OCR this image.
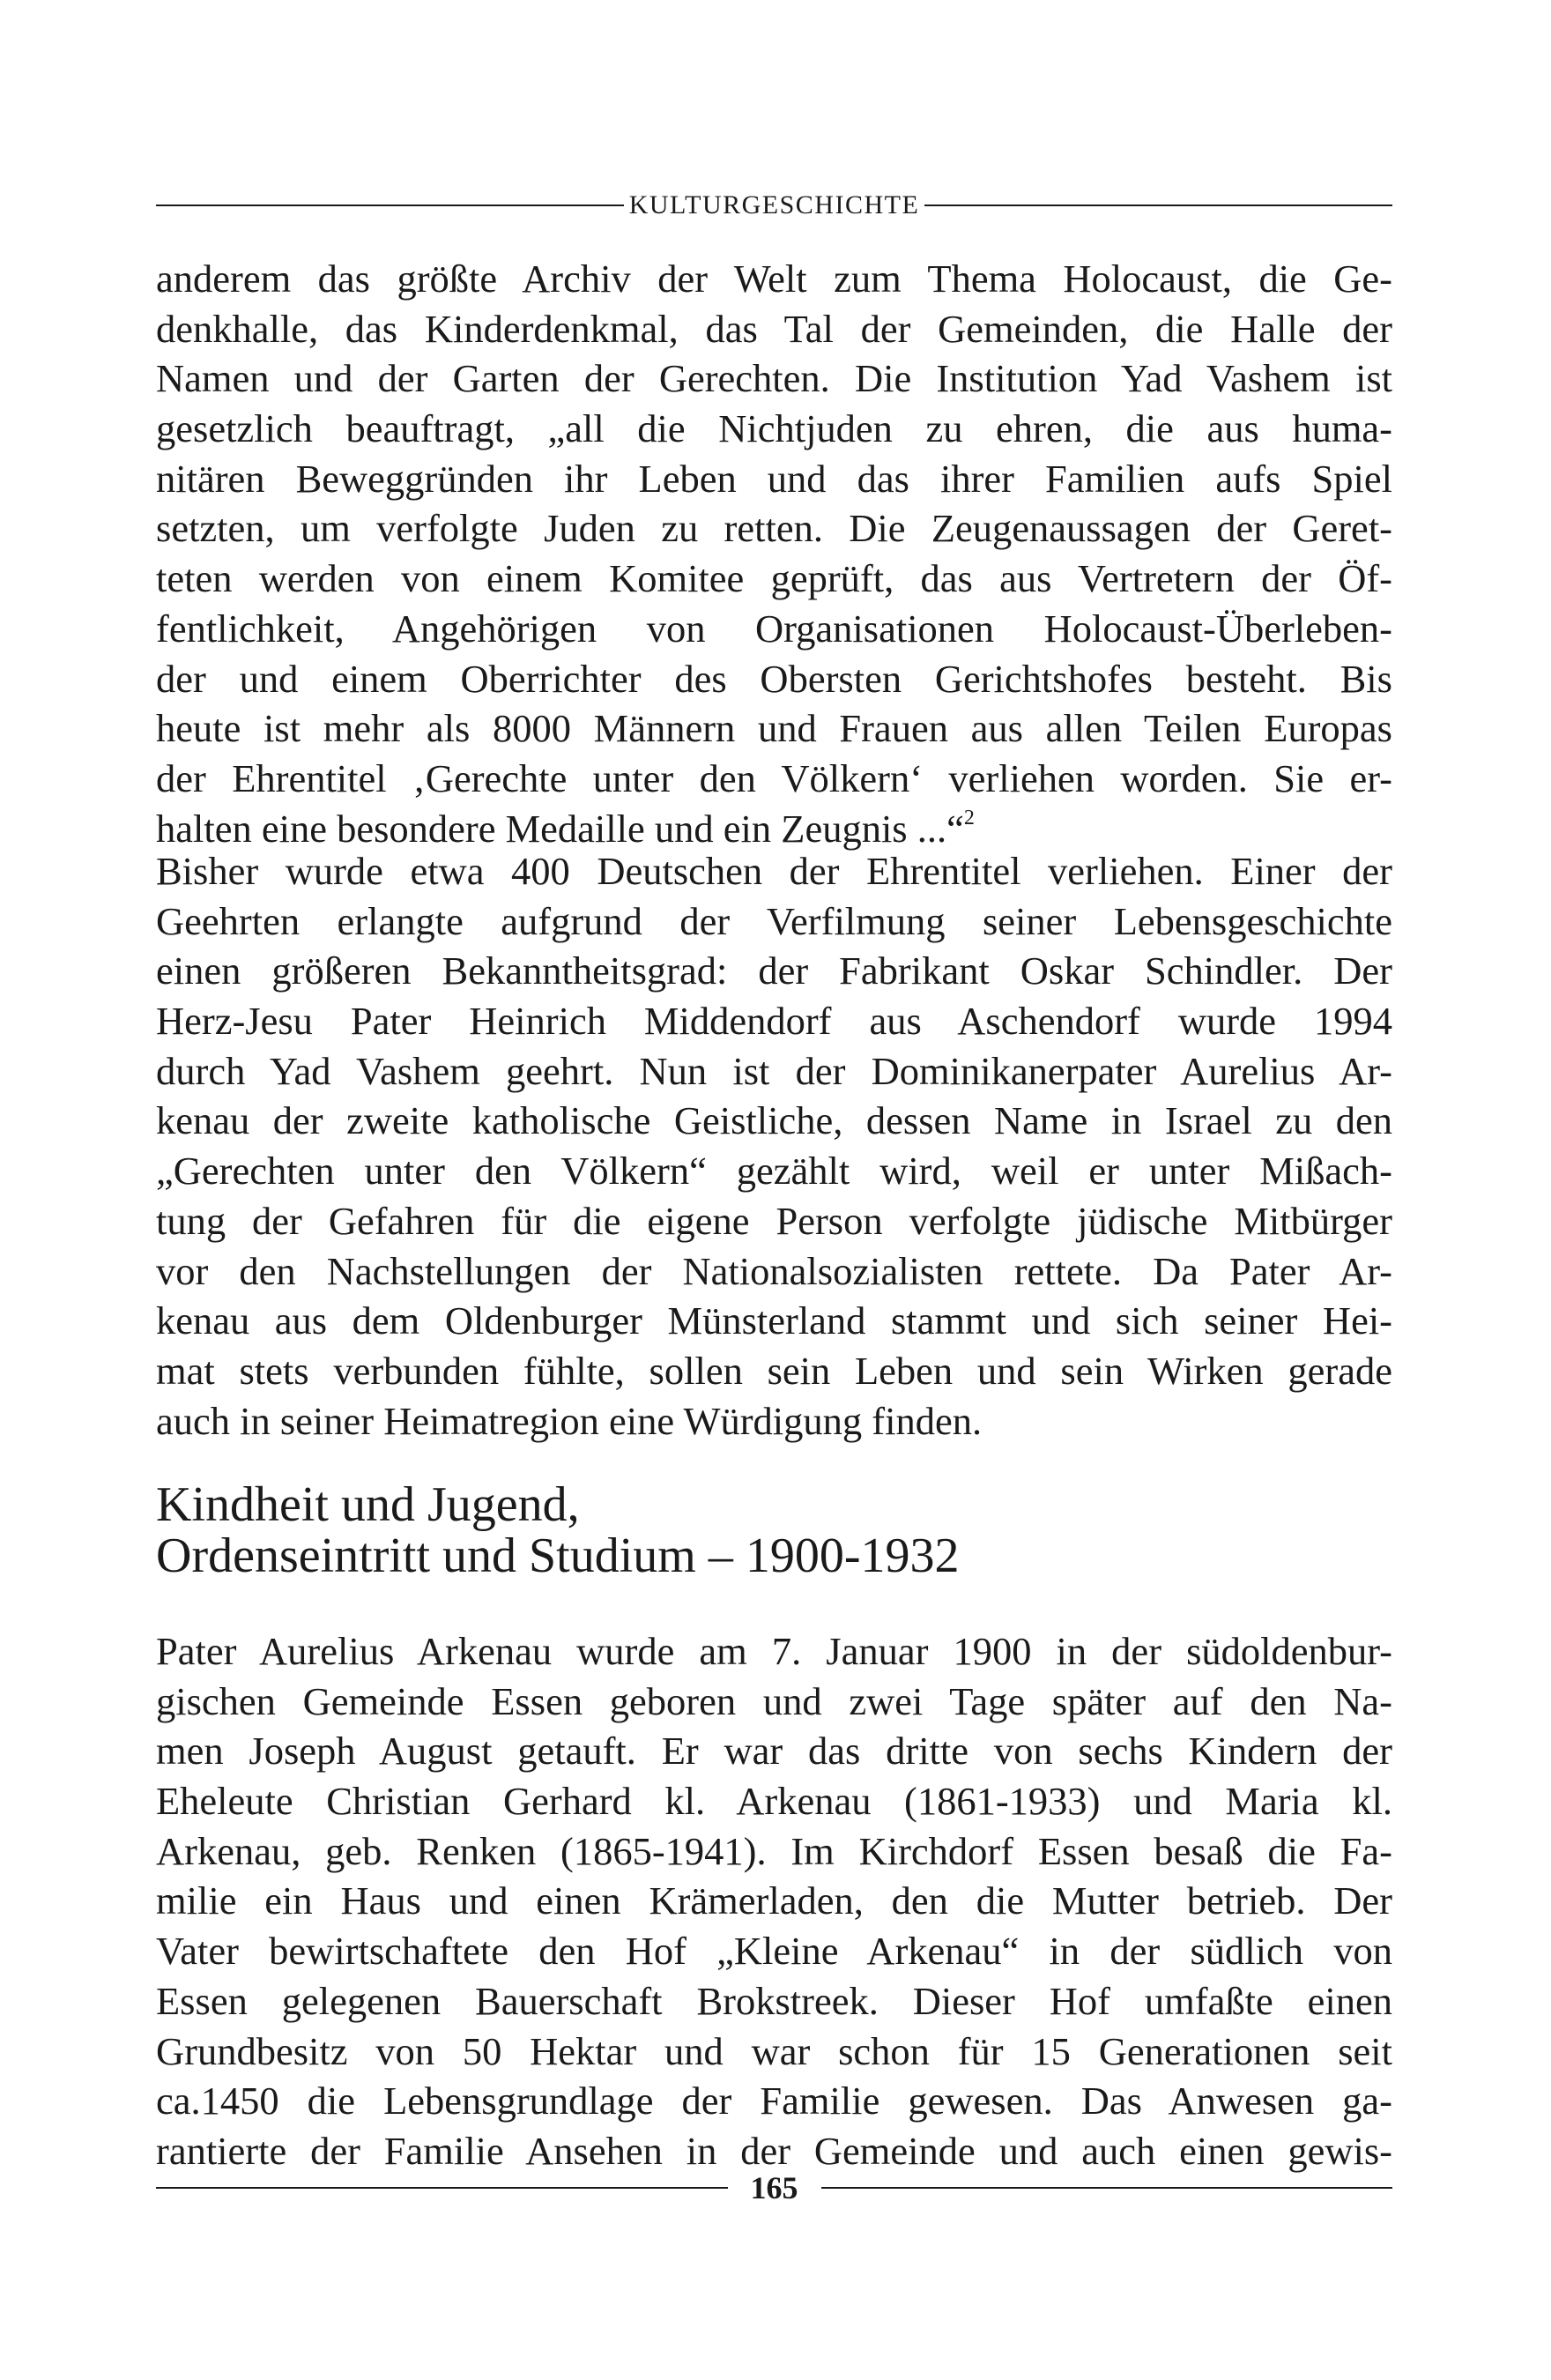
KULTURGESCHICHTE
anderem das größte Archiv der Welt zum Thema Holocaust, die Ge-
denkhalle, das Kinderdenkmal, das Tal der Gemeinden, die Halle der
Namen und der Garten der Gerechten. Die Institution Yad Vashem ist
gesetzlich beauftragt, „all die Nichtjuden zu ehren, die aus huma-
nitären Beweggründen ihr Leben und das ihrer Familien aufs Spiel
setzten, um verfolgte Juden zu retten. Die Zeugenaussagen der Geret-
teten werden von einem Komitee geprüft, das aus Vertretern der Öf-
fentlichkeit, Angehörigen von Organisationen Holocaust-Überleben-
der und einem Oberrichter des Obersten Gerichtshofes besteht. Bis
heute ist mehr als 8000 Männern und Frauen aus allen Teilen Europas
der Ehrentitel ‚Gerechte unter den Völkern‘ verliehen worden. Sie er-
halten eine besondere Medaille und ein Zeugnis ...“$^2$
Bisher wurde etwa 400 Deutschen der Ehrentitel verliehen. Einer der
Geehrten erlangte aufgrund der Verfilmung seiner Lebensgeschichte
einen größeren Bekanntheitsgrad: der Fabrikant Oskar Schindler. Der
Herz-Jesu Pater Heinrich Middendorf aus Aschendorf wurde 1994
durch Yad Vashem geehrt. Nun ist der Dominikanerpater Aurelius Ar-
kenau der zweite katholische Geistliche, dessen Name in Israel zu den
„Gerechten unter den Völkern“ gezählt wird, weil er unter Mißach-
tung der Gefahren für die eigene Person verfolgte jüdische Mitbürger
vor den Nachstellungen der Nationalsozialisten rettete. Da Pater Ar-
kenau aus dem Oldenburger Münsterland stammt und sich seiner Hei-
mat stets verbunden fühlte, sollen sein Leben und sein Wirken gerade
auch in seiner Heimatregion eine Würdigung finden.
Kindheit und Jugend,
Ordenseintritt und Studium – 1900-1932
Pater Aurelius Arkenau wurde am 7. Januar 1900 in der südoldenbur-
gischen Gemeinde Essen geboren und zwei Tage später auf den Na-
men Joseph August getauft. Er war das dritte von sechs Kindern der
Eheleute Christian Gerhard kl. Arkenau (1861-1933) und Maria kl.
Arkenau, geb. Renken (1865-1941). Im Kirchdorf Essen besaß die Fa-
milie ein Haus und einen Krämerladen, den die Mutter betrieb. Der
Vater bewirtschaftete den Hof „Kleine Arkenau“ in der südlich von
Essen gelegenen Bauerschaft Brokstreek. Dieser Hof umfaßte einen
Grundbesitz von 50 Hektar und war schon für 15 Generationen seit
ca.1450 die Lebensgrundlage der Familie gewesen. Das Anwesen ga-
rantierte der Familie Ansehen in der Gemeinde und auch einen gewis-
165
